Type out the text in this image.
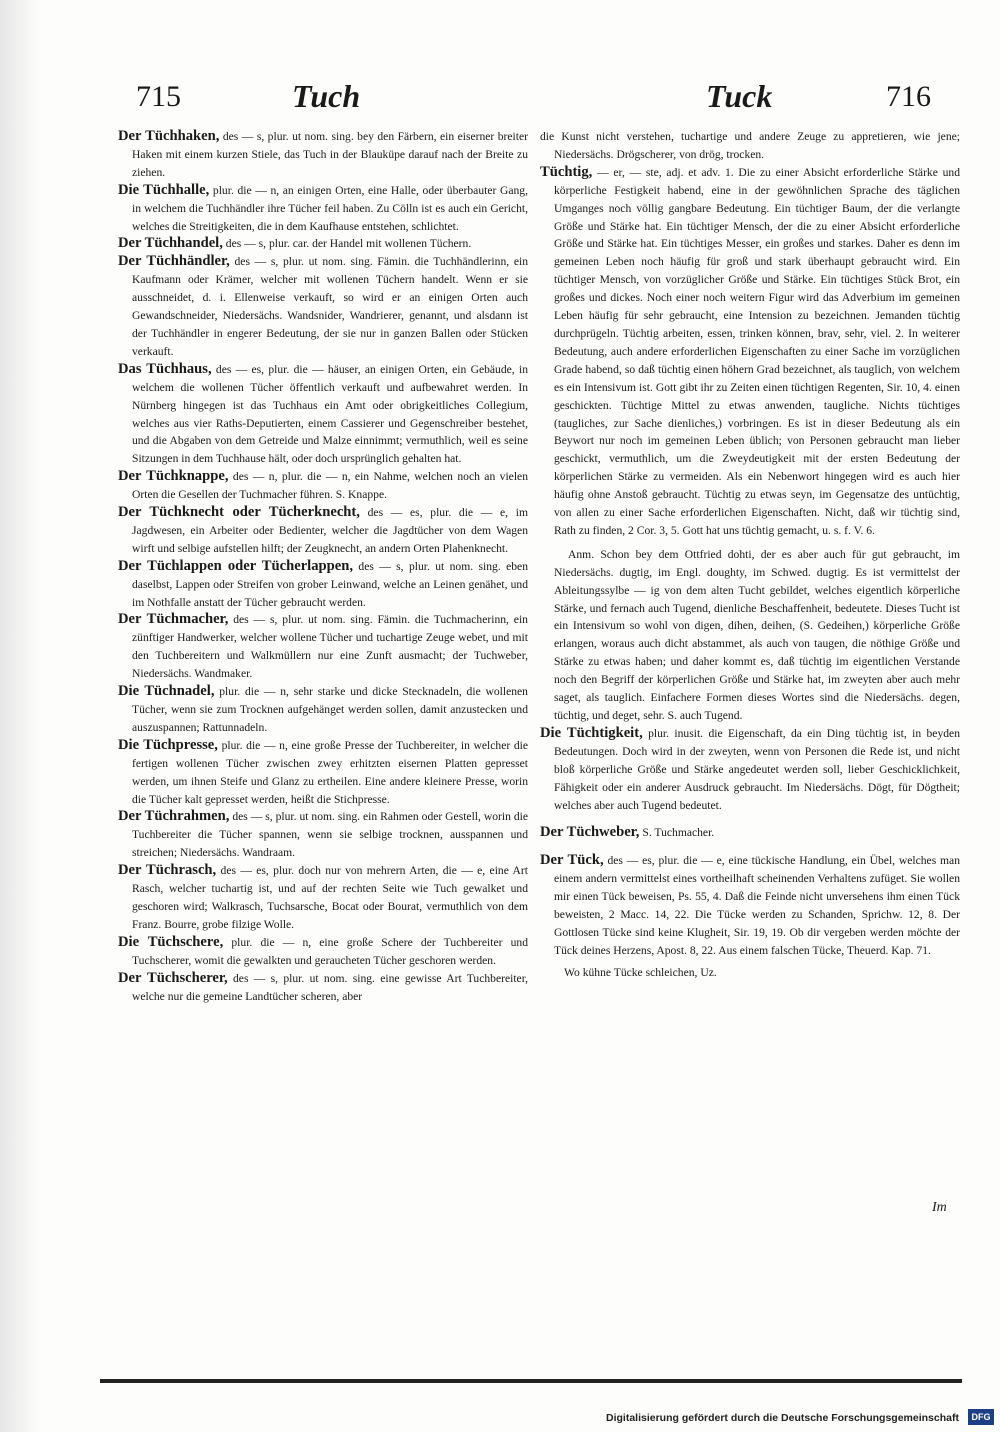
715	Tuch	Tuck	716
Der Tüchhaken, des — s, plur. ut nom. sing. bey den Färbern, ein eiserner breiter Haken mit einem kurzen Stiele, das Tuch in der Blauküpe darauf nach der Breite zu ziehen.
Die Tüchhalle, plur. die — n, an einigen Orten, eine Halle, oder überbauter Gang, in welchem die Tuchhändler ihre Tücher feil haben. Zu Cölln ist es auch ein Gericht, welches die Streitigkeiten, die in dem Kaufhause entstehen, schlichtet.
Der Tüchhandel, des — s, plur. car. der Handel mit wollenen Tüchern.
Der Tüchhändler, des — s, plur. ut nom. sing. Fämin. die Tuchhändlerinn, ein Kaufmann oder Krämer, welcher mit wollenen Tüchern handelt. Wenn er sie ausschneidet, d. i. Ellenweise verkauft, so wird er an einigen Orten auch Gewandschneider, Niedersächs. Wandsnider, Wandrierer, genannt, und alsdann ist der Tuchhändler in engerer Bedeutung, der sie nur in ganzen Ballen oder Stücken verkauft.
Das Tüchhaus, des — es, plur. die — häuser, an einigen Orten, ein Gebäude, in welchem die wollenen Tücher öffentlich verkauft und aufbewahret werden. In Nürnberg hingegen ist das Tuchhaus ein Amt oder obrigkeitliches Collegium, welches aus vier Raths-Deputierten, einem Cassierer und Gegenschreiber bestehet, und die Abgaben von dem Getreide und Malze einnimmt; vermuthlich, weil es seine Sitzungen in dem Tuchhause hält, oder doch ursprünglich gehalten hat.
Der Tüchknappe, des — n, plur. die — n, ein Nahme, welchen noch an vielen Orten die Gesellen der Tuchmacher führen. S. Knappe.
Der Tüchknecht oder Tücherknecht, des — es, plur. die — e, im Jagdwesen, ein Arbeiter oder Bedienter, welcher die Jagdtücher von dem Wagen wirft und selbige aufstellen hilft; der Zeugknecht, an andern Orten Plahenknecht.
Der Tüchlappen oder Tücherlappen, des — s, plur. ut nom. sing. eben daselbst, Lappen oder Streifen von grober Leinwand, welche an Leinen genähet, und im Nothfalle anstatt der Tücher gebraucht werden.
Der Tüchmacher, des — s, plur. ut nom. sing. Fämin. die Tuchmacherinn, ein zünftiger Handwerker, welcher wollene Tücher und tuchartige Zeuge webet, und mit den Tuchbereitern und Walkmüllern nur eine Zunft ausmacht; der Tuchweber, Niedersächs. Wandmaker.
Die Tüchnadel, plur. die — n, sehr starke und dicke Stecknadeln, die wollenen Tücher, wenn sie zum Trocknen aufgehänget werden sollen, damit anzustecken und auszuspannen; Rattunnadeln.
Die Tüchpresse, plur. die — n, eine große Presse der Tuchbereiter, in welcher die fertigen wollenen Tücher zwischen zwey erhitzten eisernen Platten gepresset werden, um ihnen Steife und Glanz zu ertheilen. Eine andere kleinere Presse, worin die Tücher kalt gepresset werden, heißt die Stichpresse.
Der Tüchrahmen, des — s, plur. ut nom. sing. ein Rahmen oder Gestell, worin die Tuchbereiter die Tücher spannen, wenn sie selbige trocknen, ausspannen und streichen; Niedersächs. Wandraam.
Der Tüchrasch, des — es, plur. doch nur von mehrern Arten, die — e, eine Art Rasch, welcher tuchartig ist, und auf der rechten Seite wie Tuch gewalket und geschoren wird; Walkrasch, Tuchsarsche, Bocat oder Bourat, vermuthlich von dem Franz. Bourre, grobe filzige Wolle.
Die Tüchschere, plur. die — n, eine große Schere der Tuchbereiter und Tuchscherer, womit die gewalkten und geraucheten Tücher geschoren werden.
Der Tüchscherer, des — s, plur. ut nom. sing. eine gewisse Art Tuchbereiter, welche nur die gemeine Landtücher scheren, aber
die Kunst nicht verstehen, tuchartige und andere Zeuge zu appretieren, wie jene; Niedersächs. Drögscherer, von drög, trocken.
Tüchtig, — er, — ste, adj. et adv. 1. Die zu einer Absicht erforderliche Stärke und körperliche Festigkeit habend, eine in der gewöhnlichen Sprache des täglichen Umganges noch völlig gangbare Bedeutung. Ein tüchtiger Baum, der die verlangte Größe und Stärke hat. Ein tüchtiger Mensch, der die zu einer Absicht erforderliche Größe und Stärke hat. Ein tüchtiges Messer, ein großes und starkes. Daher es denn im gemeinen Leben noch häufig für groß und stark überhaupt gebraucht wird. Ein tüchtiger Mensch, von vorzüglicher Größe und Stärke. Ein tüchtiges Stück Brot, ein großes und dickes. Noch einer noch weitern Figur wird das Adverbium im gemeinen Leben häufig für sehr gebraucht, eine Intension zu bezeichnen. Jemanden tüchtig durchprügeln. Tüchtig arbeiten, essen, trinken können, brav, sehr, viel. 2. In weiterer Bedeutung, auch andere erforderlichen Eigenschaften zu einer Sache im vorzüglichen Grade habend, so daß tüchtig einen höhern Grad bezeichnet, als tauglich, von welchem es ein Intensivum ist. Gott gibt ihr zu Zeiten einen tüchtigen Regenten, Sir. 10, 4. einen geschickten. Tüchtige Mittel zu etwas anwenden, taugliche. Nichts tüchtiges (taugliches, zur Sache dienliches,) vorbringen. Es ist in dieser Bedeutung als ein Beywort nur noch im gemeinen Leben üblich; von Personen gebraucht man lieber geschickt, vermuthlich, um die Zweydeutigkeit mit der ersten Bedeutung der körperlichen Stärke zu vermeiden. Als ein Nebenwort hingegen wird es auch hier häufig ohne Anstoß gebraucht. Tüchtig zu etwas seyn, im Gegensatze des untüchtig, von allen zu einer Sache erforderlichen Eigenschaften. Nicht, daß wir tüchtig sind, Rath zu finden, 2 Cor. 3, 5. Gott hat uns tüchtig gemacht, u. s. f. V. 6.

Anm. Schon bey dem Ottfried dohti, der es aber auch für gut gebraucht, im Niedersächs. dugtig, im Engl. doughty, im Schwed. dugtig. Es ist vermittelst der Ableitungssylbe — ig von dem alten Tucht gebildet, welches eigentlich körperliche Stärke, und fernach auch Tugend, dienliche Beschaffenheit, bedeutete. Dieses Tucht ist ein Intensivum so wohl von digen, dihen, deihen, (S. Gedeihen,) körperliche Größe erlangen, woraus auch dicht abstammet, als auch von taugen, die nöthige Größe und Stärke zu etwas haben; und daher kommt es, daß tüchtig im eigentlichen Verstande noch den Begriff der körperlichen Größe und Stärke hat, im zweyten aber auch mehr saget, als tauglich. Einfachere Formen dieses Wortes sind die Niedersächs. degen, tüchtig, und deget, sehr. S. auch Tugend.

Die Tüchtigkeit, plur. inusit. die Eigenschaft, da ein Ding tüchtig ist, in beyden Bedeutungen. Doch wird in der zweyten, wenn von Personen die Rede ist, und nicht bloß körperliche Größe und Stärke angedeutet werden soll, lieber Geschicklichkeit, Fähigkeit oder ein anderer Ausdruck gebraucht. Im Niedersächs. Dögt, für Dögtheit; welches aber auch Tugend bedeutet.
Der Tüchweber, S. Tuchmacher.
Der Tück, des — es, plur. die — e, eine tückische Handlung, ein Übel, welches man einem andern vermittelst eines vortheilhaft scheinenden Verhaltens zufüget. Sie wollen mir einen Tück beweisen, Ps. 55, 4. Daß die Feinde nicht unversehens ihm einen Tück beweisten, 2 Macc. 14, 22. Die Tücke werden zu Schanden, Sprichw. 12, 8. Der Gottlosen Tücke sind keine Klugheit, Sir. 19, 19. Ob dir vergeben werden möchte der Tück deines Herzens, Apost. 8, 22. Aus einem falschen Tücke, Theuerd. Kap. 71.
Wo kühne Tücke schleichen, Uz.
Im
Digitalisierung gefördert durch die Deutsche Forschungsgemeinschaft	DFG
